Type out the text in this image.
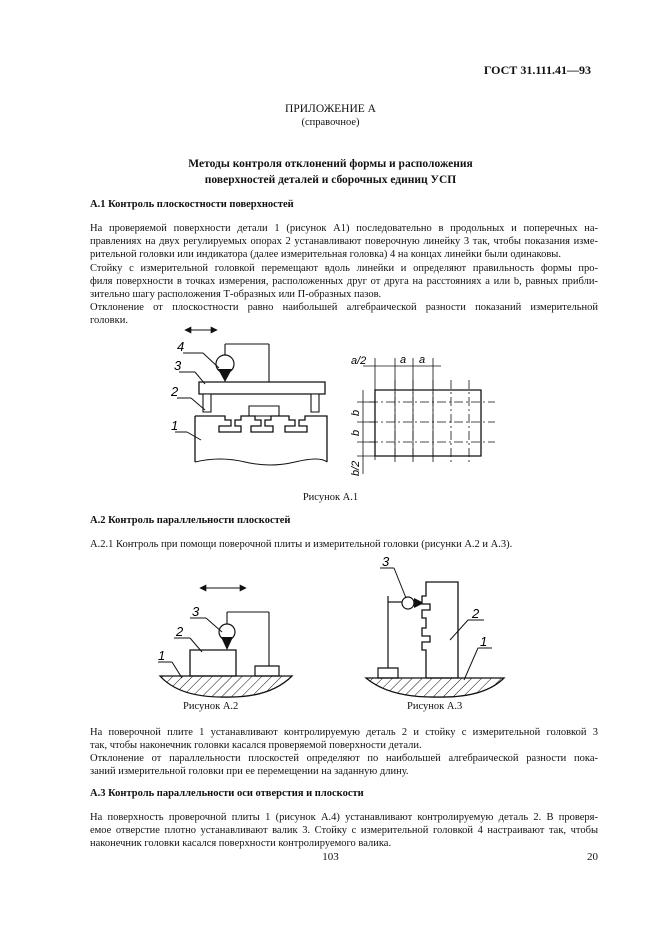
ГОСТ 31.111.41—93
ПРИЛОЖЕНИЕ А
(справочное)
Методы контроля отклонений формы и расположения
поверхностей деталей и сборочных единиц УСП
А.1 Контроль плоскостности поверхностей
На проверяемой поверхности детали 1 (рисунок А1) последовательно в продольных и поперечных на-
правлениях на двух регулируемых опорах 2 устанавливают поверочную линейку 3 так, чтобы показания измe-
рительной головки или индикатора (далее измерительная головка) 4 на концах линейки были одинаковы.
Стойку с измерительной головкой перемещают вдоль линейки и определяют правильность формы про-
филя поверхности в точках измерения, расположенных друг от друга на расстояниях a или b, равных прибли-
зительно шагу расположения Т-образных или П-образных пазов.
Отклонение от плоскостности равно наибольшей алгебраической разности показаний измерительной
головки.
4
3
2
1
a/2	a a
b
b
b/2
Рисунок А.1
А.2 Контроль параллельности плоскостей
А.2.1 Контроль при помощи поверочной плиты и измерительной головки (рисунки А.2 и А.3).
3
2
1
Рисунок А.2
3
2
1
Рисунок А.3
На поверочной плите 1 устанавливают контролируемую деталь 2 и стойку с измерительной головкой 3
так, чтобы наконечник головки касался проверяемой поверхности детали.
Отклонение от параллельности плоскостей определяют по наибольшей алгебраической разности пока-
заний измерительной головки при ее перемещении на заданную длину.
А.3 Контроль параллельности оси отверстия и плоскости
На поверхность проверочной плиты 1 (рисунок А.4) устанавливают контролируемую деталь 2. В проверя-
емое отверстие плотно устанавливают валик 3. Стойку с измерительной головкой 4 настраивают так, чтобы
наконечник головки касался поверхности контролируемого валика.
103	20
